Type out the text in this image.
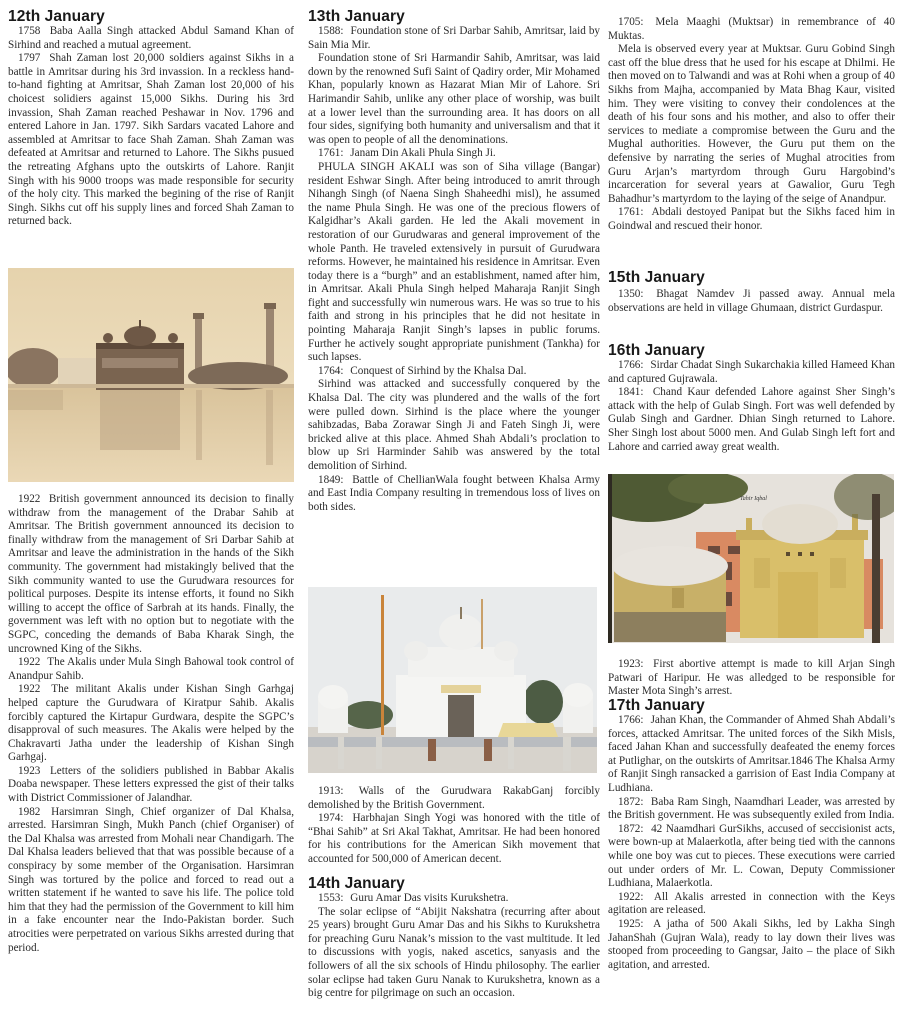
12th January

1758 Baba Aalla Singh attacked Abdul Samand Khan of Sirhind and reached a mutual agreement.

1797 Shah Zaman lost 20,000 soldiers against Sikhs in a battle in Amritsar during his 3rd invassion. In a reckless hand-to-hand fighting at Amritsar, Shah Zaman lost 20,000 of his choicest solidiers against 15,000 Sikhs. During his 3rd invassion, Shah Zaman reached Peshawar in Nov. 1796 and entered Lahore in Jan. 1797. Sikh Sardars vacated Lahore and assembled at Amritsar to face Shah Zaman. Shah Zaman was defeated at Amritsar and returned to Lahore. The Sikhs pusued the retreating Afghans upto the outskirts of Lahore. Ranjit Singh with his 9000 troops was made responsible for security of the holy city. This marked the begining of the rise of Ranjit Singh. Sikhs cut off his supply lines and forced Shah Zaman to returned back.

1922 British government announced its decision to finally withdraw from the management of the Drabar Sahib at Amritsar. The British government announced its decision to finally withdraw from the management of Sri Darbar Sahib at Amritsar and leave the administration in the hands of the Sikh community. The government had mistakingly belived that the Sikh community wanted to use the Gurudwara resources for political purposes. Despite its intense efforts, it found no Sikh willing to accept the office of Sarbrah at its hands. Finally, the government was left with no option but to negotiate with the SGPC, conceding the demands of Baba Kharak Singh, the uncrowned King of the Sikhs.

1922 The Akalis under Mula Singh Bahowal took control of Anandpur Sahib.

1922 The militant Akalis under Kishan Singh Garhgaj helped capture the Gurudwara of Kiratpur Sahib. Akalis forcibly captured the Kirtapur Gurdwara, despite the SGPC’s disapproval of such measures. The Akalis were helped by the Chakravarti Jatha under the leadership of Kishan Singh Garhgaj.

1923 Letters of the solidiers published in Babbar Akalis Doaba newspaper. These letters expressed the gist of their talks with District Commissioner of Jalandhar.

1982 Harsimran Singh, Chief organizer of Dal Khalsa, arrested. Harsimran Singh, Mukh Panch (chief Organiser) of the Dal Khalsa was arrested from Mohali near Chandigarh. The Dal Khalsa leaders believed that that was possible because of a conspiracy by some member of the Organisation. Harsimran Singh was tortured by the police and forced to read out a written statement if he wanted to save his life. The police told him that they had the permission of the Government to kill him in a fake encounter near the Indo-Pakistan border. Such atrocities were perpetrated on various Sikhs arrested during that period.

13th January

1588: Foundation stone of Sri Darbar Sahib, Amritsar, laid by Sain Mia Mir.

Foundation stone of Sri Harmandir Sahib, Amritsar, was laid down by the renowned Sufi Saint of Qadiry order, Mir Mohamed Khan, popularly known as Hazarat Mian Mir of Lahore. Sri Harimandir Sahib, unlike any other place of worship, was built at a lower level than the surrounding area. It has doors on all four sides, signifying both humanity and universalism and that it was open to people of all the denominations.

1761: Janam Din Akali Phula Singh Ji.

PHULA SINGH AKALI was son of Siha village (Bangar) resident Eshwar Singh. After being introduced to amrit through Nihangh Singh (of Naena Singh Shaheedhi misl), he assumed the name Phula Singh. He was one of the precious flowers of Kalgidhar’s Akali garden. He led the Akali movement in restoration of our Gurudwaras and general improvement of the whole Panth. He traveled extensively in pursuit of Gurudwara reforms. However, he maintained his residence in Amritsar. Even today there is a “burgh” and an establishment, named after him, in Amritsar. Akali Phula Singh helped Maharaja Ranjit Singh fight and successfully win numerous wars. He was so true to his faith and strong in his principles that he did not hesitate in pointing Maharaja Ranjit Singh’s lapses in public forums. Further he actively sought appropriate punishment (Tankha) for such lapses.

1764: Conquest of Sirhind by the Khalsa Dal.

Sirhind was attacked and successfully conquered by the Khalsa Dal. The city was plundered and the walls of the fort were pulled down. Sirhind is the place where the younger sahibzadas, Baba Zorawar Singh Ji and Fateh Singh Ji, were bricked alive at this place. Ahmed Shah Abdali’s proclation to blow up Sri Harminder Sahib was answered by the total demolition of Sirhind.

1849: Battle of ChellianWala fought between Khalsa Army and East India Company resulting in tremendous loss of lives on both sides.

1913: Walls of the Gurudwara RakabGanj forcibly demolished by the British Government.

1974: Harbhajan Singh Yogi was honored with the title of “Bhai Sahib” at Sri Akal Takhat, Amritsar. He had been honored for his contributions for the American Sikh movement that accounted for 500,000 of American decent.

14th January

1553: Guru Amar Das visits Kurukshetra.

The solar eclipse of “Abijit Nakshatra (recurring after about 25 years) brought Guru Amar Das and his Sikhs to Kurukshetra for preaching Guru Nanak’s mission to the vast multitude. It led to discussions with yogis, naked ascetics, sanyasis and the followers of all the six schools of Hindu philosophy. The earlier solar eclipse had taken Guru Nanak to Kurukshetra, known as a big centre for pilgrimage on such an occasion.

1705: Mela Maaghi (Muktsar) in remembrance of 40 Muktas.

Mela is observed every year at Muktsar. Guru Gobind Singh cast off the blue dress that he used for his escape at Dhilmi. He then moved on to Talwandi and was at Rohi when a group of 40 Sikhs from Majha, accompanied by Mata Bhag Kaur, visited him. They were visiting to convey their condolences at the death of his four sons and his mother, and also to offer their services to mediate a compromise between the Guru and the Mughal authorities. However, the Guru put them on the defensive by narrating the series of Mughal atrocities from Guru Arjan’s martyrdom through Guru Hargobind’s incarceration for several years at Gawalior, Guru Tegh Bahadhur’s martyrdom to the laying of the seige of Anandpur.

1761: Abdali destoyed Panipat but the Sikhs faced him in Goindwal and rescued their honor.

15th January

1350: Bhagat Namdev Ji passed away. Annual mela observations are held in village Ghumaan, district Gurdaspur.

16th January

1766: Sirdar Chadat Singh Sukarchakia killed Hameed Khan and captured Gujrawala.

1841: Chand Kaur defended Lahore against Sher Singh’s attack with the help of Gulab Singh. Fort was well defended by Gulab Singh and Gardner. Dhian Singh returned to Lahore. Sher Singh lost about 5000 men. And Gulab Singh left fort and Lahore and carried away great wealth.

Tahir Iqbal

1923: First abortive attempt is made to kill Arjan Singh Patwari of Haripur. He was alledged to be responsible for Master Mota Singh’s arrest.

17th January

1766: Jahan Khan, the Commander of Ahmed Shah Abdali’s forces, attacked Amritsar. The united forces of the Sikh Misls, faced Jahan Khan and successfully deafeated the enemy forces at Putlighar, on the outskirts of Amritsar.1846 The Khalsa Army of Ranjit Singh ransacked a garrision of East India Company at Ludhiana.

1872: Baba Ram Singh, Naamdhari Leader, was arrested by the British government. He was subsequently exiled from India.

1872: 42 Naamdhari GurSikhs, accused of seccisionist acts, were bown-up at Malaerkotla, after being tied with the cannons while one boy was cut to pieces. These executions were carried out under orders of Mr. L. Cowan, Deputy Commissioner Ludhiana, Malaerkotla.

1922: All Akalis arrested in connection with the Keys agitation are released.

1925: A jatha of 500 Akali Sikhs, led by Lakha Singh JahanShah (Gujran Wala), ready to lay down their lives was stooped from proceeding to Gangsar, Jaito – the place of Sikh agitation, and arrested.
